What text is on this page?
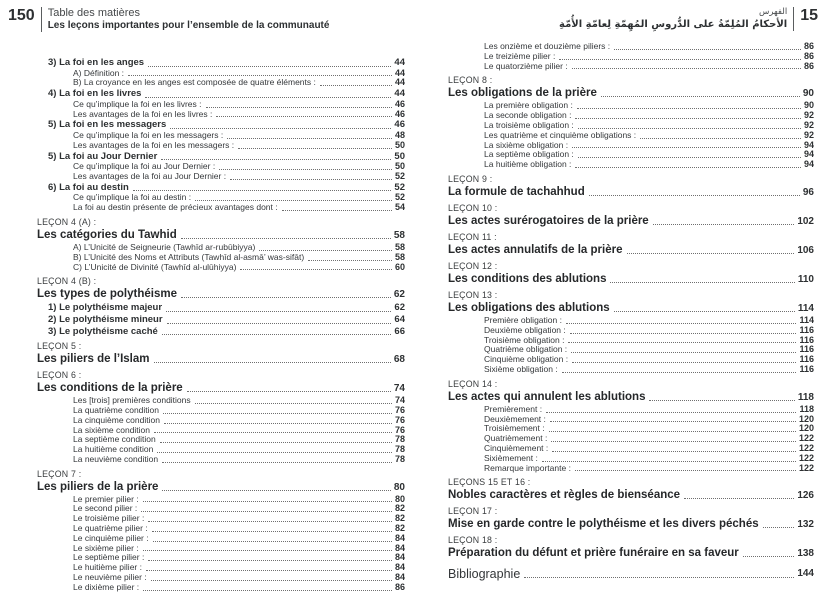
150 Table des matières
Les leçons importantes pour l’ensemble de la communauté
الفهرس
الأحكامُ المُلِمّةُ على الدُّروسِ المُهِمّةِ لِعامّةِ الأُمّةِ
15
3) La foi en les anges	44
A) Définition :	44
B) La croyance en les anges est composée de quatre éléments :	44
4) La foi en les livres	44
Ce qu’implique la foi en les livres :	46
Les avantages de la foi en les livres :	46
5) La foi en les messagers	46
Ce qu’implique la foi en les messagers :	48
Les avantages de la foi en les messagers :	50
5) La foi au Jour Dernier	50
Ce qu’implique la foi au Jour Dernier :	50
Les avantages de la foi au Jour Dernier :	52
6) La foi au destin	52
Ce qu’implique la foi au destin :	52
La foi au destin présente de précieux avantages dont :	54
LEÇON 4 (A) :
Les catégories du Tawhid	58
A) L’Unicité de Seigneurie (Tawhīd ar-rubūbiyya)	58
B) L’Unicité des Noms et Attributs (Tawhīd al-asmā’ was-sifāt)	58
C) L’Unicité de Divinité (Tawhīd al-ulūhiyya)	60
LEÇON 4 (B) :
Les types de polythéisme	62
1) Le polythéisme majeur	62
2) Le polythéisme mineur	64
3) Le polythéisme caché	66
LEÇON 5 :
Les piliers de l’Islam	68
LEÇON 6 :
Les conditions de la prière	74
Les [trois] premières conditions	74
La quatrième condition	76
La cinquième condition	76
La sixième condition	76
La septième condition	78
La huitième condition	78
La neuvième condition	78
LEÇON 7 :
Les piliers de la prière	80
Le premier pilier :	80
Le second pilier :	82
Le troisième pilier :	82
Le quatrième pilier :	82
Le cinquième pilier :	84
Le sixième pilier :	84
Le septième pilier :	84
Le huitième pilier :	84
Le neuvième pilier :	84
Le dixième pilier :	86
Les onzième et douzième piliers :	86
Le treizième pilier :	86
Le quatorzième pilier :	86
LEÇON 8 :
Les obligations de la prière	90
La première obligation :	90
La seconde obligation :	92
La troisième obligation :	92
Les quatrième et cinquième obligations :	92
La sixième obligation :	94
La septième obligation :	94
La huitième obligation :	94
LEÇON 9 :
La formule de tachahhud	96
LEÇON 10 :
Les actes surérogatoires de la prière	102
LEÇON 11 :
Les actes annulatifs de la prière	106
LEÇON 12 :
Les conditions des ablutions	110
LEÇON 13 :
Les obligations des ablutions	114
Première obligation :	114
Deuxième obligation :	116
Troisième obligation :	116
Quatrième obligation :	116
Cinquième obligation :	116
Sixième obligation :	116
LEÇON 14 :
Les actes qui annulent les ablutions	118
Premièrement :	118
Deuxièmement :	120
Troisièmement :	120
Quatrièmement :	122
Cinquièmement :	122
Sixièmement :	122
Remarque importante :	122
LEÇONS 15 ET 16 :
Nobles caractères et règles de bienséance	126
LEÇON 17 :
Mise en garde contre le polythéisme et les divers péchés	132
LEÇON 18 :
Préparation du défunt et prière funéraire en sa faveur	138
Bibliographie	144
